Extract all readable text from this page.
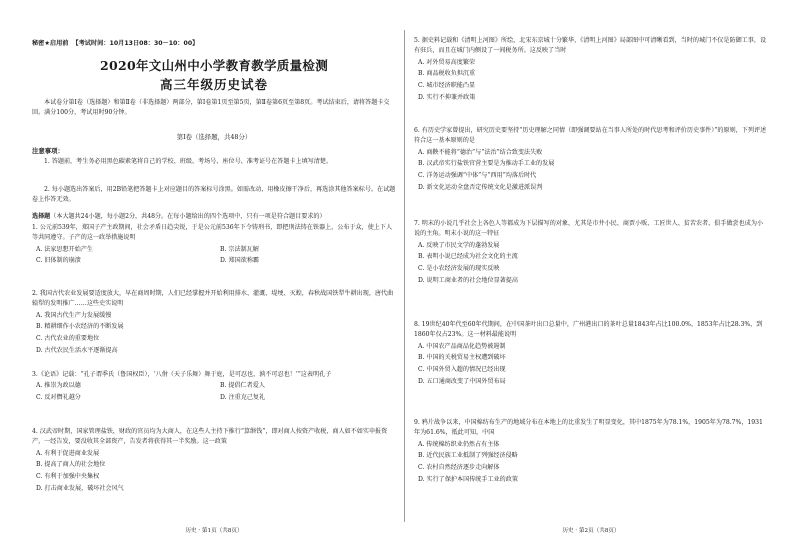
秘密★启用前 【考试时间：10月13日08：30－10：00】
2020年文山州中小学教育教学质量检测
高三年级历史试卷
本试卷分第Ⅰ卷（选择题）和第Ⅱ卷（非选择题）两部分，第Ⅰ卷第1页至第5页，第Ⅱ卷第6页至第8页。考试结束后，请将答题卡交回。满分100分，考试用时90分钟。
第Ⅰ卷（选择题，共48分）
注意事项：
1. 答题前，考生务必用黑色碳素笔将自己的学校、班级、考场号、座位号、准考证号在答题卡上填写清楚。
2. 每小题选出答案后，用2B铅笔把答题卡上对应题目的答案标号涂黑。如需改动，用橡皮擦干净后，再选涂其他答案标号。在试题卷上作答无效。
选择题（本大题共24小题，每小题2分，共48分。在每小题给出的四个选项中，只有一项是符合题目要求的）

1. 公元前539年，郑国子产主政期间，社会矛盾日趋尖锐，于是公元前536年下令铸刑书，即把刑法铸在铁器上，公布于众，使上下人等共同遵守。子产的这一政举措施说明

A. 法家思想开始产生	B. 宗法制瓦解
C. 旧体制的崩溃	D. 郑国欲称霸

2. 我国古代农业发展要适度放大，早在商周时期，人们已经掌握并开始利用排水、灌溉、堤埂、灭蝗，春秋战国铁犁牛耕出现，唐代曲辕犁的发明推广……这些史实说明

A. 我国古代生产力发展缓慢
B. 精耕细作小农经济的不断发展
C. 古代农业的重要地位
D. 古代农民生活水平逐渐提高

3.《论语》记载：“孔子谓季氏（鲁国权臣），‘八佾（天子乐舞）舞于庭，是可忍也，孰不可忍也！’”这表明孔子

A. 推崇为政以德	B. 提倡仁者爱人
C. 反对僭礼越分	D. 注重克己复礼

4. 汉武帝时期，国家管理盐铁，财政的官员均为大商人，在这些人主持下推行“算缗钱”，即对商人按资产收税，商人如不如实申报资产，一经告发，要没收其全部资产，告发者将获得其一半奖励。这一政策

A. 有利于促进商业发展
B. 提高了商人的社会地位
C. 有利于加强中央集权
D. 打击商业发展，破坏社会风气
历史 · 第1页（共8页）

5. 据史料记载和《清明上河图》所绘，北宋东京城十分繁华，《清明上河图》局部图中可清晰看到，当时的城门不仅是防御工事，设有驻兵，而且在城门内侧设了一间税务所。这反映了当时

A. 对外贸易高度繁荣
B. 商品税收负担沉重
C. 城市经济职能凸显
D. 实行不抑兼并政策

6. 有历史学家曾提出，研究历史要坚持“历史理解之同情（即强调要站在当事人所处的时代思考和评价历史事件）”的原则，下列评述符合这一基本原则的是

A. 商鞅不能将“德治”与“法治”结合致变法失败
B. 汉武帝实行盐铁官营主要是为推动手工业的发展
C. 洋务运动强调“中体”与“西用”均落后时代
D. 新文化运动全盘否定传统文化是激进派误判

7. 明末的小说几乎社会上各色人等都成为下层描写的对象，尤其是市井小民、商贾小贩、工匠世人、贫苦农者、俱手做尝也成为小说的主角。明末小说的这一特征

A. 反映了市民文学的蓬勃发展
B. 表明小说已经成为社会文化的主流
C. 是小农经济发展的现实反映
D. 说明工商业者的社会地位显著提高

8. 19世纪40年代至60年代期间，在中国茶叶出口总量中，广州港出口的茶叶总量1843年占比100.0%，1853年占比28.3%，到1860年仅占23%。这一材料最能说明

A. 中国农产品商品化趋势被遏制
B. 中国的关税贸易主权遭到破坏
C. 中国外贸入超的情况已经出现
D. 五口通商改变了中国外贸布局

9. 鸦片战争以来，中国棉纺布生产的地域分布在本地上的比重发生了明显变化，其中1875年为78.1%，1905年为78.7%，1931年为61.6%，抵此可知，中国

A. 传统棉纺织业仍然占有主体
B. 近代民族工业抵制了列强经济侵略
C. 农村自然经济逐步走向解体
D. 实行了保护本国传统手工业的政策
历史 · 第2页（共8页）
